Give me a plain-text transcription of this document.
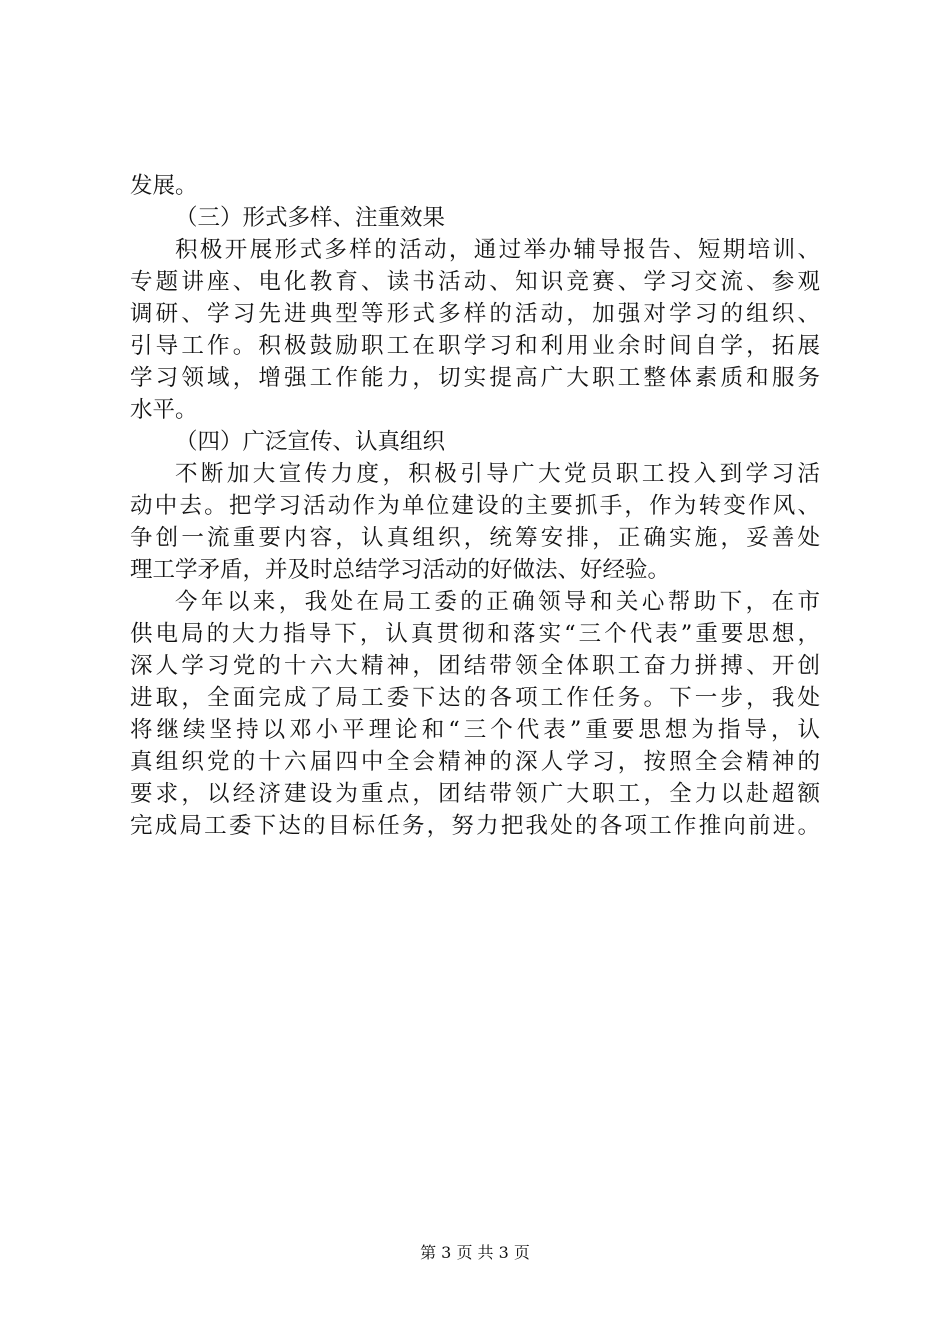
发展。
（三）形式多样、注重效果
积极开展形式多样的活动，通过举办辅导报告、短期培训、
专题讲座、电化教育、读书活动、知识竞赛、学习交流、参观
调研、学习先进典型等形式多样的活动，加强对学习的组织、
引导工作。积极鼓励职工在职学习和利用业余时间自学，拓展
学习领域，增强工作能力，切实提高广大职工整体素质和服务
水平。
（四）广泛宣传、认真组织
不断加大宣传力度，积极引导广大党员职工投入到学习活
动中去。把学习活动作为单位建设的主要抓手，作为转变作风、
争创一流重要内容，认真组织，统筹安排，正确实施，妥善处
理工学矛盾，并及时总结学习活动的好做法、好经验。
今年以来，我处在局工委的正确领导和关心帮助下，在市
供电局的大力指导下，认真贯彻和落实“三个代表”重要思想，
深人学习党的十六大精神，团结带领全体职工奋力拼搏、开创
进取，全面完成了局工委下达的各项工作任务。下一步，我处
将继续坚持以邓小平理论和“三个代表”重要思想为指导，认
真组织党的十六届四中全会精神的深人学习，按照全会精神的
要求，以经济建设为重点，团结带领广大职工，全力以赴超额
完成局工委下达的目标任务，努力把我处的各项工作推向前进。
第 3 页 共 3 页
